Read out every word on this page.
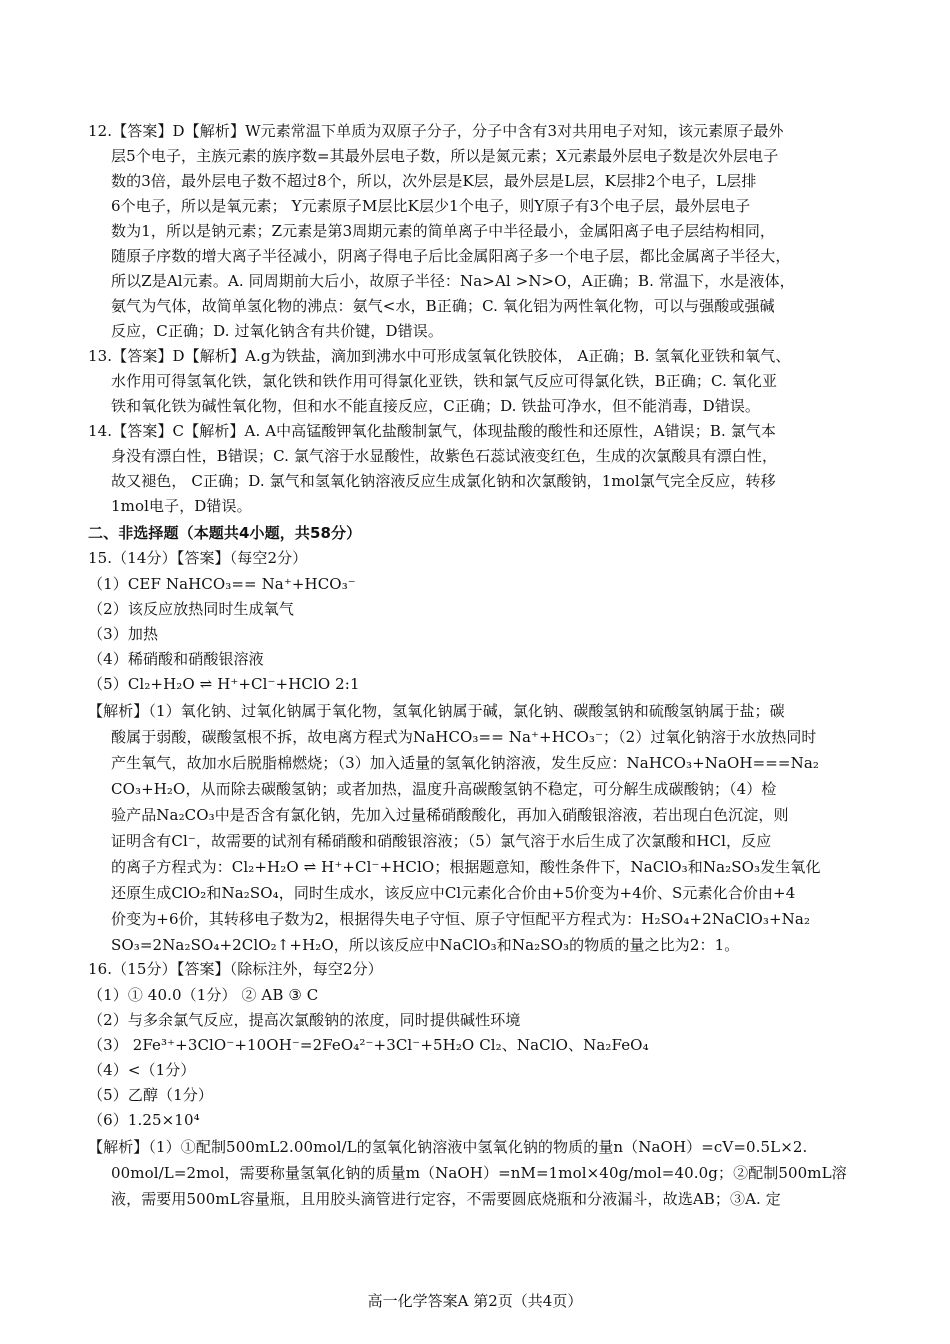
12.【答案】D【解析】W元素常温下单质为双原子分子，分子中含有3对共用电子对知，该元素原子最外
层5个电子，主族元素的族序数=其最外层电子数，所以是氮元素；X元素最外层电子数是次外层电子
数的3倍，最外层电子数不超过8个，所以，次外层是K层，最外层是L层，K层排2个电子，L层排
6个电子，所以是氧元素； Y元素原子M层比K层少1个电子，则Y原子有3个电子层，最外层电子
数为1，所以是钠元素；Z元素是第3周期元素的简单离子中半径最小，金属阳离子电子层结构相同，
随原子序数的增大离子半径减小，阴离子得电子后比金属阳离子多一个电子层，都比金属离子半径大，
所以Z是Al元素。A. 同周期前大后小，故原子半径：Na>Al >N>O，A正确；B. 常温下，水是液体，
氨气为气体，故简单氢化物的沸点：氨气<水，B正确；C. 氧化铝为两性氧化物，可以与强酸或强碱
反应，C正确；D. 过氧化钠含有共价键，D错误。
13.【答案】D【解析】A.g为铁盐，滴加到沸水中可形成氢氧化铁胶体， A正确；B. 氢氧化亚铁和氧气、
水作用可得氢氧化铁，氯化铁和铁作用可得氯化亚铁，铁和氯气反应可得氯化铁，B正确；C. 氧化亚
铁和氧化铁为碱性氧化物，但和水不能直接反应，C正确；D. 铁盐可净水，但不能消毒，D错误。
14.【答案】C【解析】A. A中高锰酸钾氧化盐酸制氯气，体现盐酸的酸性和还原性，A错误；B. 氯气本
身没有漂白性，B错误；C. 氯气溶于水显酸性，故紫色石蕊试液变红色，生成的次氯酸具有漂白性，
故又褪色， C正确；D. 氯气和氢氧化钠溶液反应生成氯化钠和次氯酸钠，1mol氯气完全反应，转移
1mol电子，D错误。
二、非选择题（本题共4小题，共58分）
15.（14分）【答案】（每空2分）
（1）CEF NaHCO₃== Na⁺+HCO₃⁻
（2）该反应放热同时生成氧气
（3）加热
（4）稀硝酸和硝酸银溶液
（5）Cl₂+H₂O ⇌ H⁺+Cl⁻+HClO 2:1
【解析】（1）氧化钠、过氧化钠属于氧化物，氢氧化钠属于碱，氯化钠、碳酸氢钠和硫酸氢钠属于盐；碳
酸属于弱酸，碳酸氢根不拆，故电离方程式为NaHCO₃== Na⁺+HCO₃⁻；（2）过氧化钠溶于水放热同时
产生氧气，故加水后脱脂棉燃烧；（3）加入适量的氢氧化钠溶液，发生反应：NaHCO₃+NaOH===Na₂
CO₃+H₂O，从而除去碳酸氢钠；或者加热，温度升高碳酸氢钠不稳定，可分解生成碳酸钠；（4）检
验产品Na₂CO₃中是否含有氯化钠，先加入过量稀硝酸酸化，再加入硝酸银溶液，若出现白色沉淀，则
证明含有Cl⁻，故需要的试剂有稀硝酸和硝酸银溶液；（5）氯气溶于水后生成了次氯酸和HCl，反应
的离子方程式为：Cl₂+H₂O ⇌ H⁺+Cl⁻+HClO；根据题意知，酸性条件下，NaClO₃和Na₂SO₃发生氧化
还原生成ClO₂和Na₂SO₄，同时生成水，该反应中Cl元素化合价由+5价变为+4价、S元素化合价由+4
价变为+6价，其转移电子数为2，根据得失电子守恒、原子守恒配平方程式为：H₂SO₄+2NaClO₃+Na₂
SO₃=2Na₂SO₄+2ClO₂↑+H₂O，所以该反应中NaClO₃和Na₂SO₃的物质的量之比为2：1。
16.（15分）【答案】（除标注外，每空2分）
（1）① 40.0（1分） ② AB ③ C
（2）与多余氯气反应，提高次氯酸钠的浓度，同时提供碱性环境
（3） 2Fe³⁺+3ClO⁻+10OH⁻=2FeO₄²⁻+3Cl⁻+5H₂O Cl₂、NaClO、Na₂FeO₄
（4）<（1分）
（5）乙醇（1分）
（6）1.25×10⁴
【解析】（1）①配制500mL2.00mol/L的氢氧化钠溶液中氢氧化钠的物质的量n（NaOH）=cV=0.5L×2.
00mol/L=2mol，需要称量氢氧化钠的质量m（NaOH）=nM=1mol×40g/mol=40.0g；②配制500mL溶
液，需要用500mL容量瓶，且用胶头滴管进行定容，不需要圆底烧瓶和分液漏斗，故选AB；③A. 定
高一化学答案A 第2页（共4页）
